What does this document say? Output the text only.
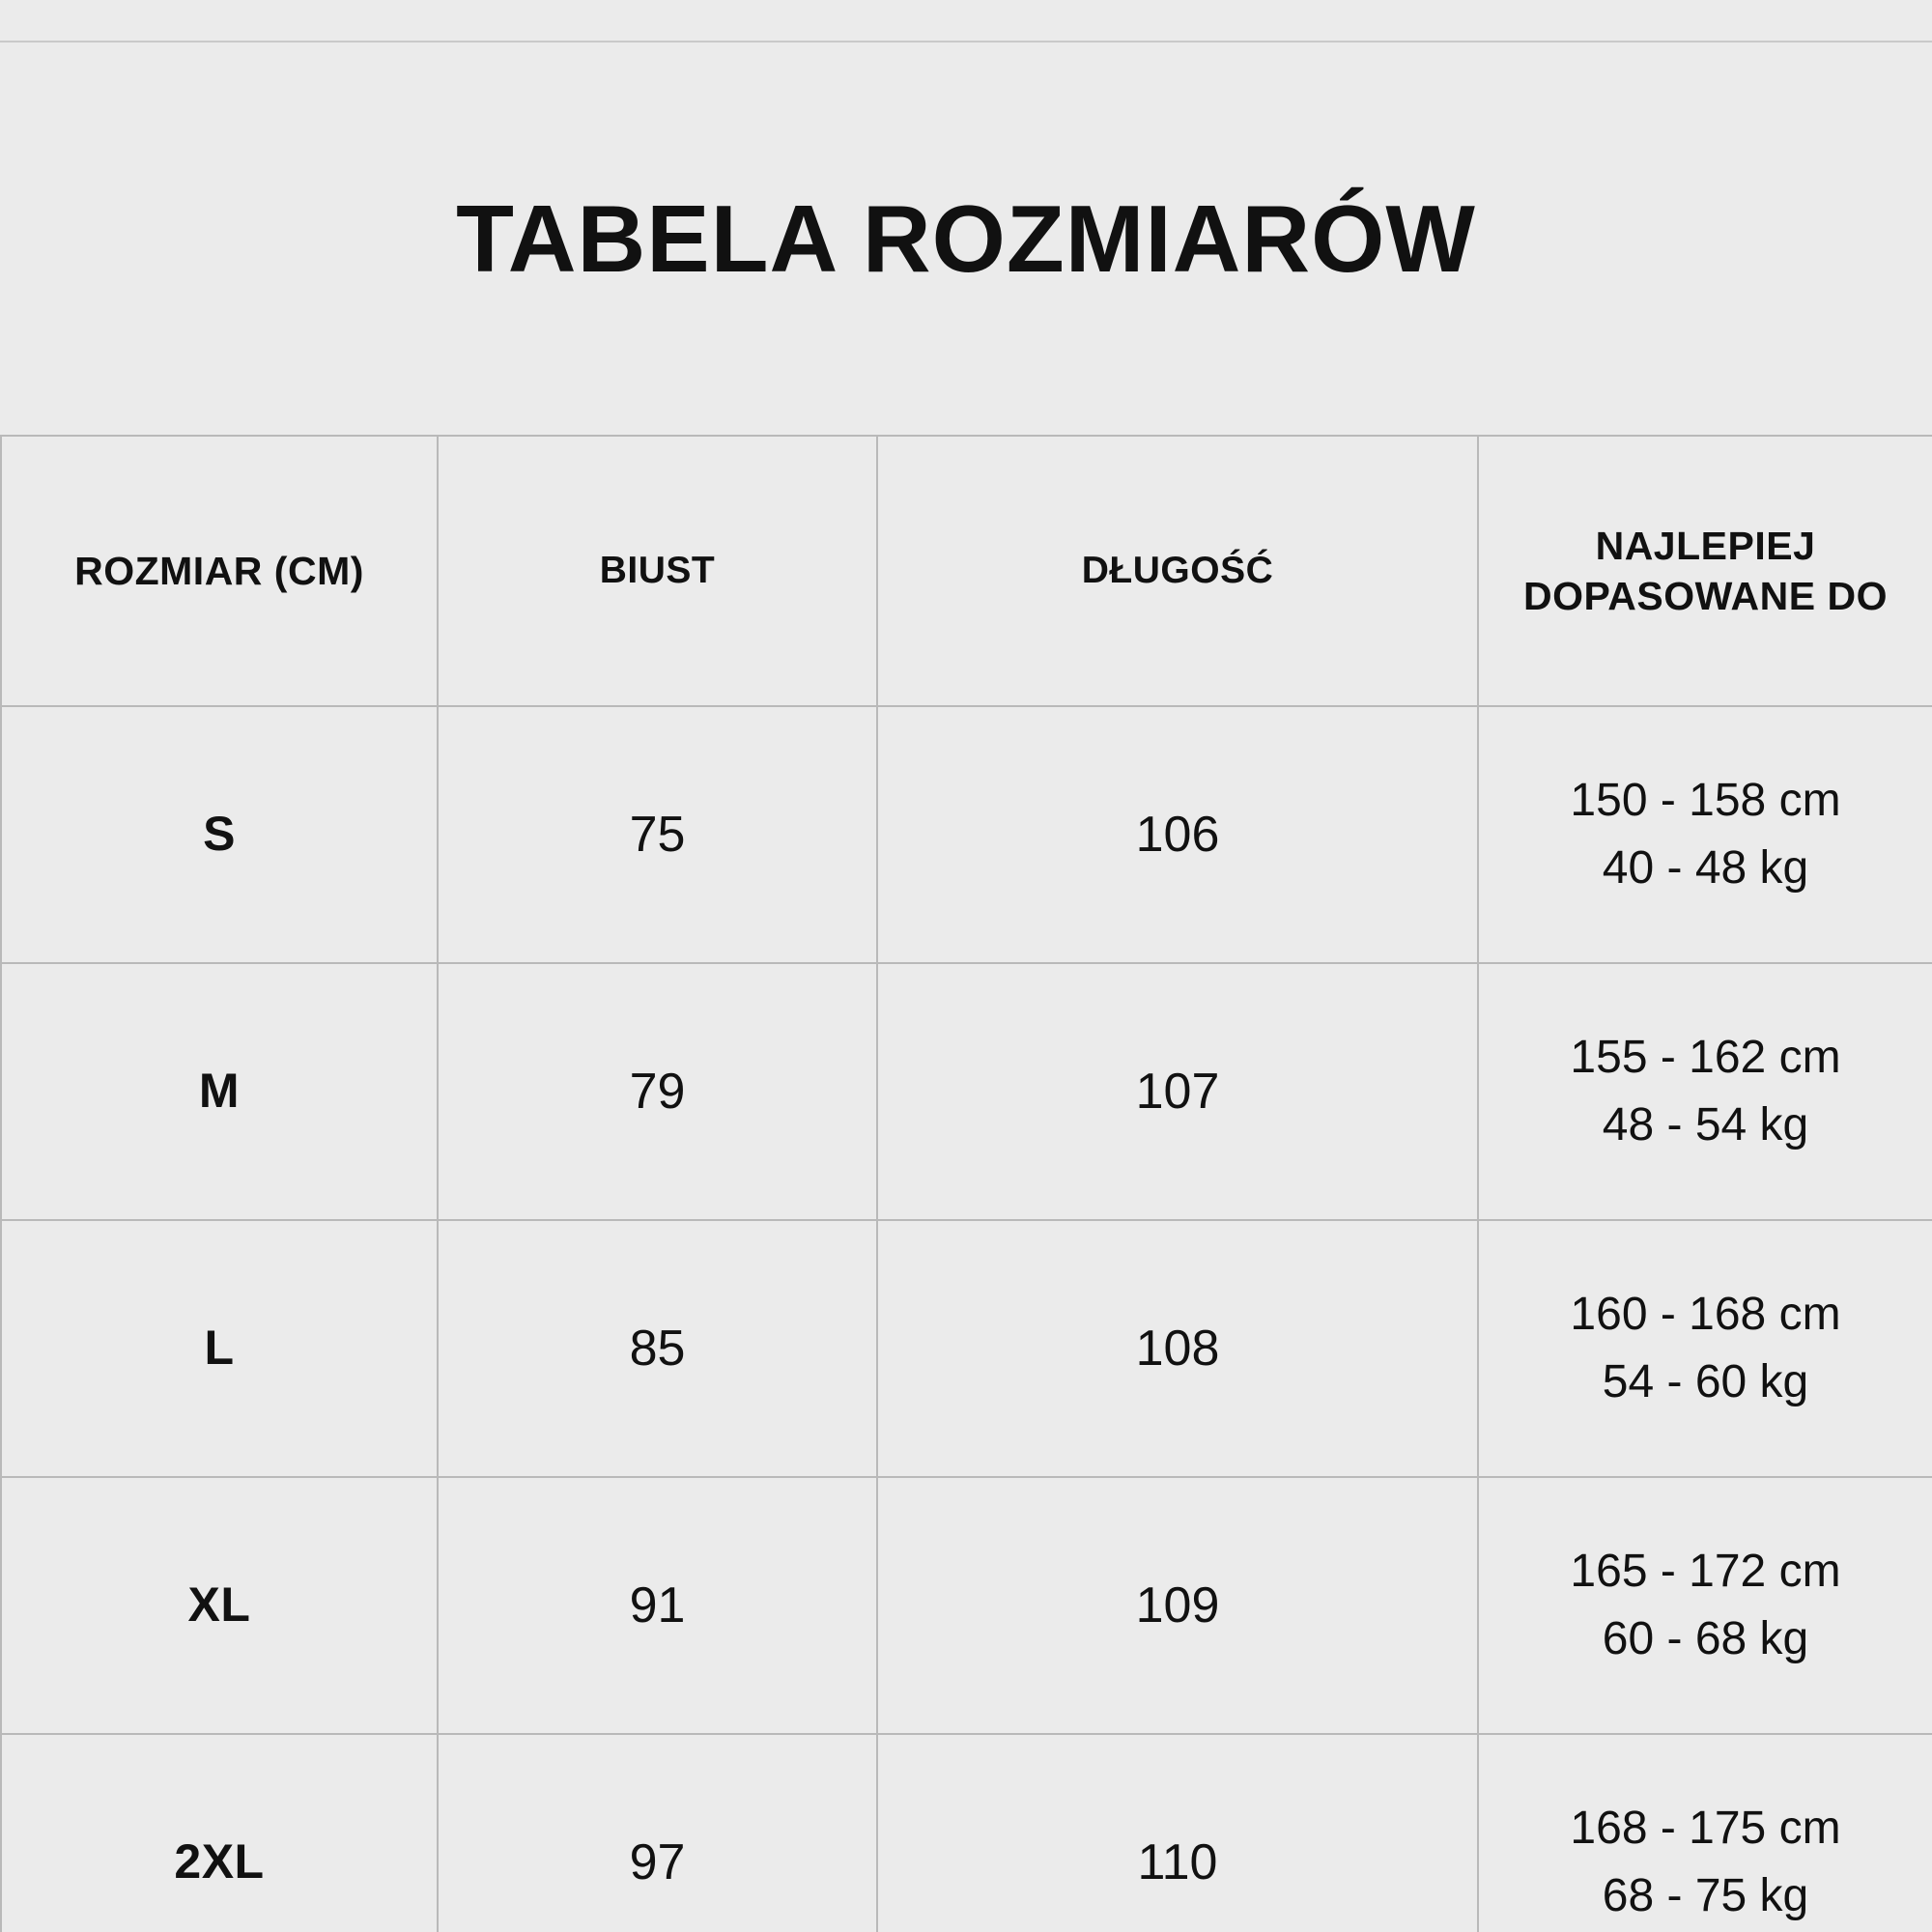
TABELA ROZMIARÓW
ROZMIAR (CM)	BIUST	DŁUGOŚĆ	NAJLEPIEJ
DOPASOWANE DO

S	75	106	150 - 158 cm
40 - 48 kg

M	79	107	155 - 162 cm
48 - 54 kg

L	85	108	160 - 168 cm
54 - 60 kg

XL	91	109	165 - 172 cm
60 - 68 kg

2XL	97	110	168 - 175 cm
68 - 75 kg
